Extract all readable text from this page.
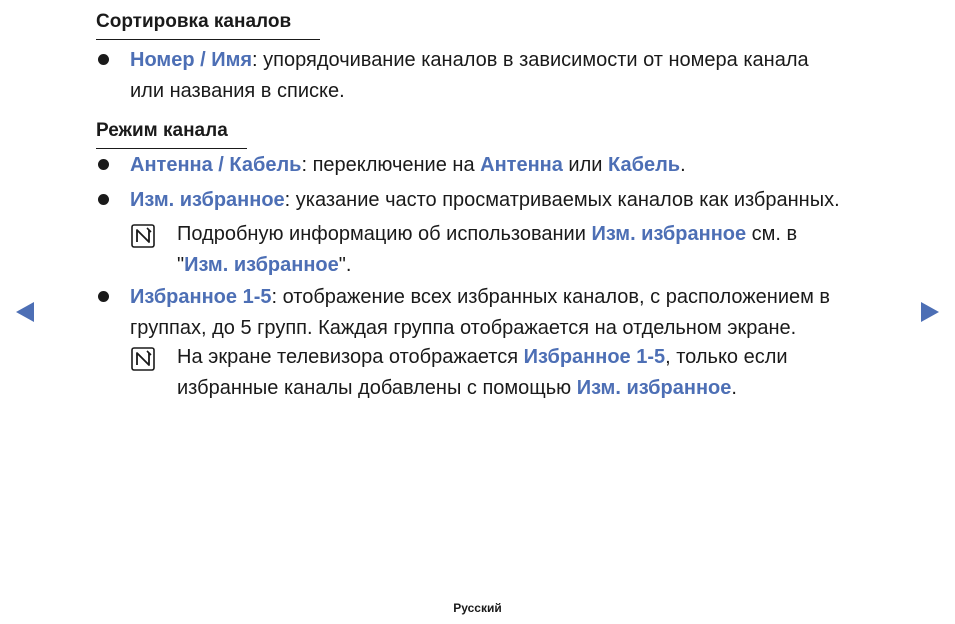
Сортировка каналов
Номер / Имя: упорядочивание каналов в зависимости от номера канала
или названия в списке.
Режим канала
Антенна / Кабель: переключение на Антенна или Кабель.
Изм. избранное: указание часто просматриваемых каналов как избранных.
Подробную информацию об использовании Изм. избранное см. в
"Изм. избранное".
Избранное 1-5: отображение всех избранных каналов, с расположением в
группах, до 5 групп. Каждая группа отображается на отдельном экране.
На экране телевизора отображается Избранное 1-5, только если
избранные каналы добавлены с помощью Изм. избранное.
Русский
